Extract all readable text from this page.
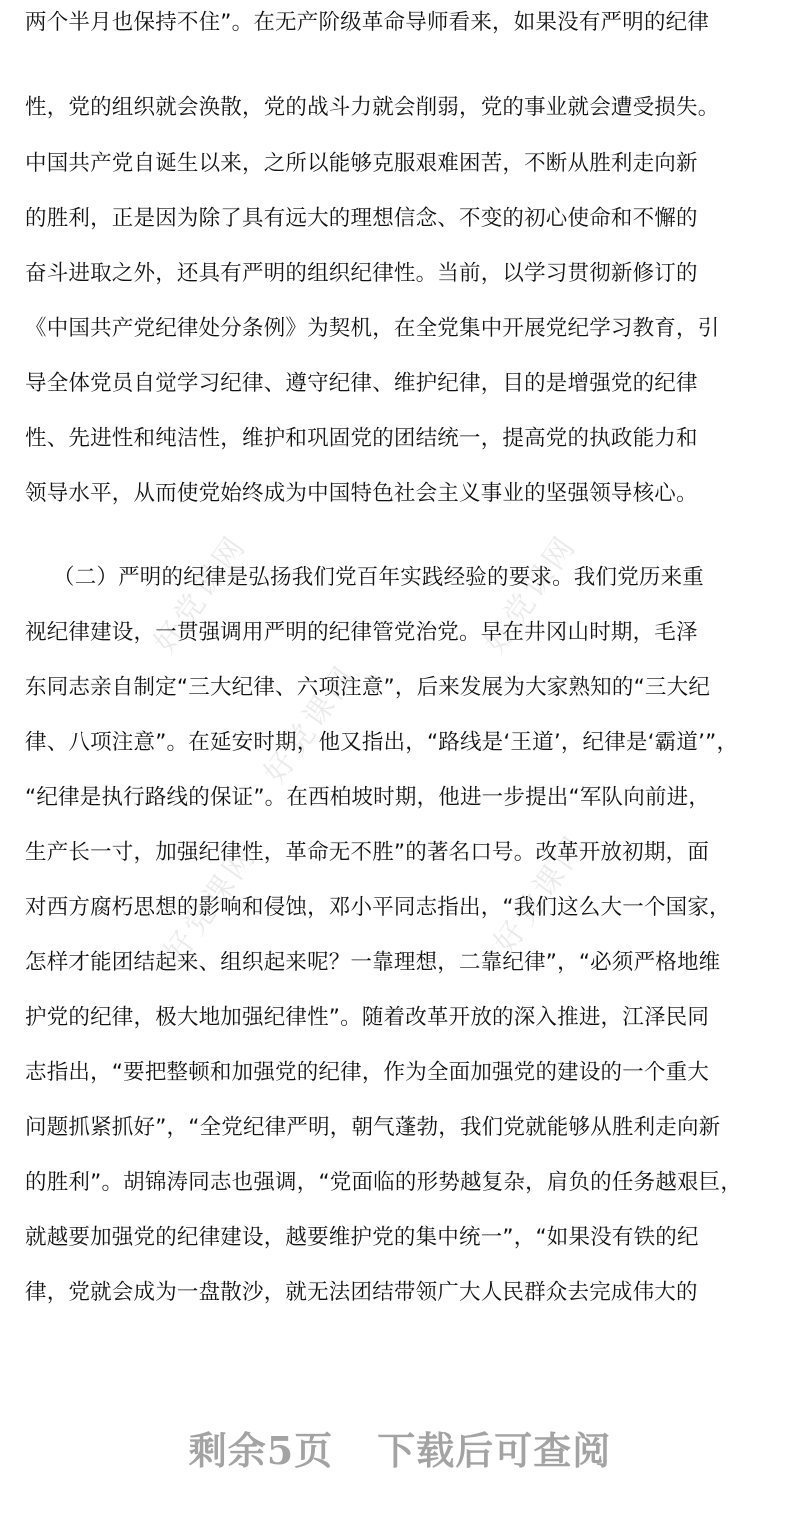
好党课网	好党课网
好党课网
好党课网	好党课网
两个半月也保持不住”。在无产阶级革命导师看来，如果没有严明的纪律
性，党的组织就会涣散，党的战斗力就会削弱，党的事业就会遭受损失。
中国共产党自诞生以来，之所以能够克服艰难困苦，不断从胜利走向新
的胜利，正是因为除了具有远大的理想信念、不变的初心使命和不懈的
奋斗进取之外，还具有严明的组织纪律性。当前，以学习贯彻新修订的
《中国共产党纪律处分条例》为契机，在全党集中开展党纪学习教育，引
导全体党员自觉学习纪律、遵守纪律、维护纪律，目的是增强党的纪律
性、先进性和纯洁性，维护和巩固党的团结统一，提高党的执政能力和
领导水平，从而使党始终成为中国特色社会主义事业的坚强领导核心。
（二）严明的纪律是弘扬我们党百年实践经验的要求。我们党历来重
视纪律建设，一贯强调用严明的纪律管党治党。早在井冈山时期，毛泽
东同志亲自制定“三大纪律、六项注意”，后来发展为大家熟知的“三大纪
律、八项注意”。在延安时期，他又指出，“路线是‘王道’，纪律是‘霸道’”，
“纪律是执行路线的保证”。在西柏坡时期，他进一步提出“军队向前进，
生产长一寸，加强纪律性，革命无不胜”的著名口号。改革开放初期，面
对西方腐朽思想的影响和侵蚀，邓小平同志指出，“我们这么大一个国家，
怎样才能团结起来、组织起来呢？一靠理想，二靠纪律”，“必须严格地维
护党的纪律，极大地加强纪律性”。随着改革开放的深入推进，江泽民同
志指出，“要把整顿和加强党的纪律，作为全面加强党的建设的一个重大
问题抓紧抓好”，“全党纪律严明，朝气蓬勃，我们党就能够从胜利走向新
的胜利”。胡锦涛同志也强调，“党面临的形势越复杂，肩负的任务越艰巨，
就越要加强党的纪律建设，越要维护党的集中统一”，“如果没有铁的纪
律，党就会成为一盘散沙，就无法团结带领广大人民群众去完成伟大的
剩余5页 下载后可查阅
